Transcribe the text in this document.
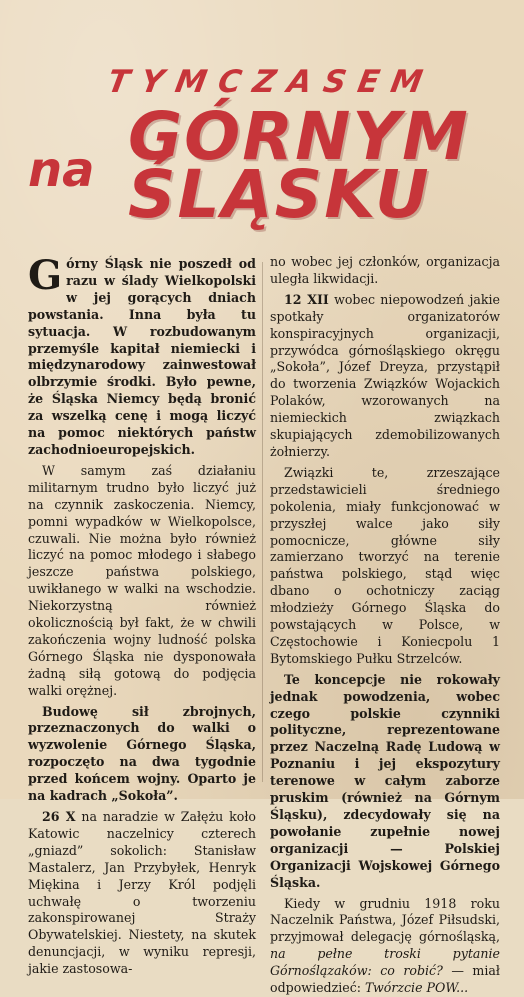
TYMCZASEM
na GÓRNYM
ŚLĄSKU

Górny Śląsk nie poszedł od razu w ślady Wielkopolski w jej gorących dniach powstania. Inna była tu sytuacja. W rozbudowanym przemyśle kapitał niemiecki i międzynarodowy zainwestował olbrzymie środki. Było pewne, że Śląska Niemcy będą bronić za wszelką cenę i mogą liczyć na pomoc niektórych państw zachodnioeuropejskich.

W samym zaś działaniu militarnym trudno było liczyć już na czynnik zaskoczenia. Niemcy, pomni wypadków w Wielkopolsce, czuwali. Nie można było również liczyć na pomoc młodego i słabego jeszcze państwa polskiego, uwikłanego w walki na wschodzie. Niekorzystną również okolicznością był fakt, że w chwili zakończenia wojny ludność polska Górnego Śląska nie dysponowała żadną siłą gotową do podjęcia walki orężnej.

Budowę sił zbrojnych, przeznaczonych do walki o wyzwolenie Górnego Śląska, rozpoczęto na dwa tygodnie przed końcem wojny. Oparto je na kadrach „Sokoła”.

26 X na naradzie w Załężu koło Katowic naczelnicy czterech „gniazd” sokolich: Stanisław Mastalerz, Jan Przybyłek, Henryk Miękina i Jerzy Król podjęli uchwałę o tworzeniu zakonspirowanej Straży Obywatelskiej. Niestety, na skutek denuncjacji, w wyniku represji, jakie zastosowa-

no wobec jej członków, organizacja uległa likwidacji.

12 XII wobec niepowodzeń jakie spotkały organizatorów konspiracyjnych organizacji, przywódca górnośląskiego okręgu „Sokoła”, Józef Dreyza, przystąpił do tworzenia Związków Wojackich Polaków, wzorowanych na niemieckich związkach skupiających zdemobilizowanych żołnierzy.

Związki te, zrzeszające przedstawicieli średniego pokolenia, miały funkcjonować w przyszłej walce jako siły pomocnicze, główne siły zamierzano tworzyć na terenie państwa polskiego, stąd więc dbano o ochotniczy zaciąg młodzieży Górnego Śląska do powstających w Polsce, w Częstochowie i Koniecpolu 1 Bytomskiego Pułku Strzelców.

Te koncepcje nie rokowały jednak powodzenia, wobec czego polskie czynniki polityczne, reprezentowane przez Naczelną Radę Ludową w Poznaniu i jej ekspozytury terenowe w całym zaborze pruskim (również na Górnym Śląsku), zdecydowały się na powołanie zupełnie nowej organizacji — Polskiej Organizacji Wojskowej Górnego Śląska.

Kiedy w grudniu 1918 roku Naczelnik Państwa, Józef Piłsudski, przyjmował delegację górnośląską, na pełne troski pytanie Górnoślązaków: co robić? — miał odpowiedzieć: Twórzcie POW...
